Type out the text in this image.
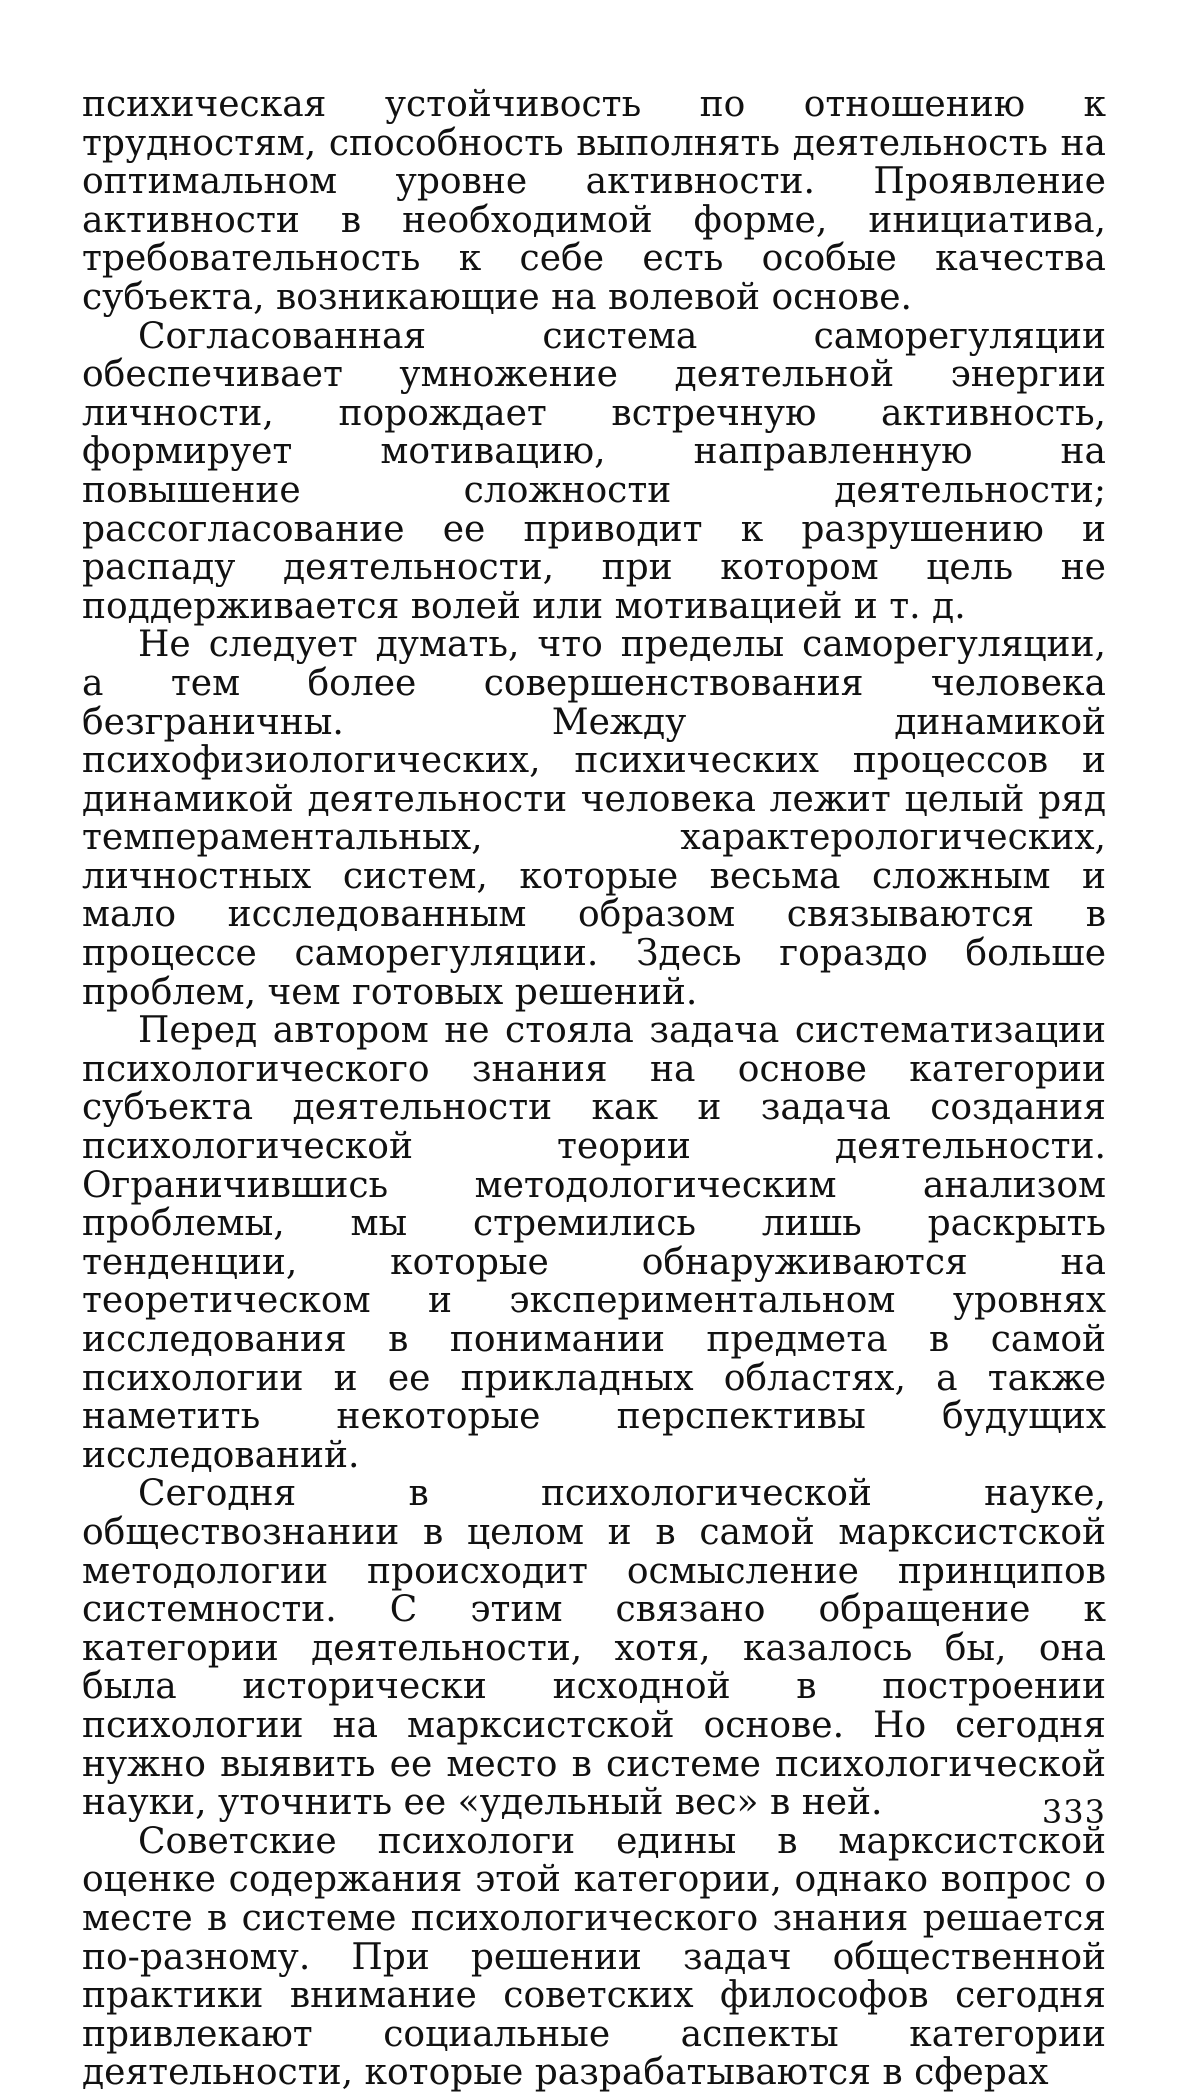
психическая устойчивость по отношению к трудностям, способность выполнять деятельность на оптимальном уровне активности. Проявление активности в необходимой форме, инициатива, требовательность к себе есть особые качества субъекта, возникающие на волевой основе.

Согласованная система саморегуляции обеспечивает умножение деятельной энергии личности, порождает встречную активность, формирует мотивацию, направленную на повышение сложности деятельности; рассогласование ее приводит к разрушению и распаду деятельности, при котором цель не поддерживается волей или мотивацией и т. д.

Не следует думать, что пределы саморегуляции, а тем более совершенствования человека безграничны. Между динамикой психофизиологических, психических процессов и динамикой деятельности человека лежит целый ряд темпераментальных, характерологических, личностных систем, которые весьма сложным и мало исследованным образом связываются в процессе саморегуляции. Здесь гораздо больше проблем, чем готовых решений.

Перед автором не стояла задача систематизации психологического знания на основе категории субъекта деятельности как и задача создания психологической теории деятельности. Ограничившись методологическим анализом проблемы, мы стремились лишь раскрыть тенденции, которые обнаруживаются на теоретическом и экспериментальном уровнях исследования в понимании предмета в самой психологии и ее прикладных областях, а также наметить некоторые перспективы будущих исследований.

Сегодня в психологической науке, обществознании в целом и в самой марксистской методологии происходит осмысление принципов системности. С этим связано обращение к категории деятельности, хотя, казалось бы, она была исторически исходной в построении психологии на марксистской основе. Но сегодня нужно выявить ее место в системе психологической науки, уточнить ее «удельный вес» в ней.

Советские психологи едины в марксистской оценке содержания этой категории, однако вопрос о месте в системе психологического знания решается по-разному. При решении задач общественной практики внимание советских философов сегодня привлекают социальные аспекты категории деятельности, которые разрабатываются в сферах

333
